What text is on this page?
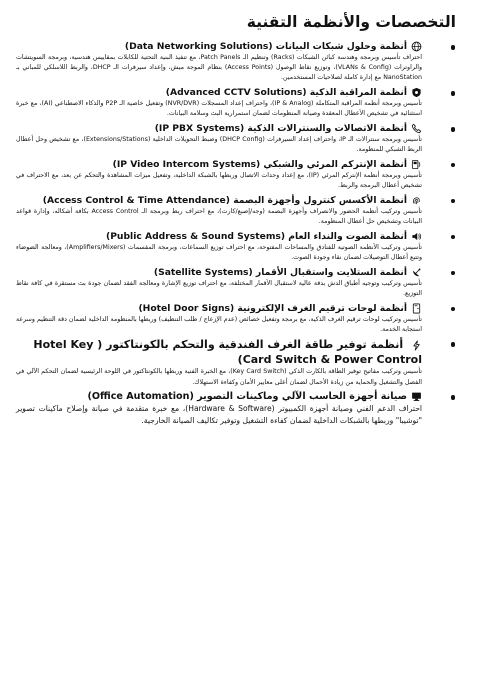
التخصصات والأنظمة التقنية
أنظمة وحلول شبكات البيانات (Data Networking Solutions)

احتراف تأسيس وبرمجة وهندسة كبائن الشبكات (Racks) وتنظيم الـ Patch Panels، مع تنفيذ البنية التحتية للكابلات بمقاييس هندسية، وبرمجة السويتشات والراوترات (VLANs & Config)، وتوزيع نقاط الوصول (Access Points) بنظام الموجة ميش، وإعداد سيرفرات الـ DHCP، والربط اللاسلكي للمباني بـ NanoStation مع إدارة كاملة لصلاحيات المستخدمين.

أنظمة المراقبة الذكية (Advanced CCTV Solutions)

تأسيس وبرمجة أنظمة المراقبة المتكاملة (IP & Analog)، واحتراف إعداد المسجلات (NVR/DVR) وتفعيل خاصية الـ P2P والذكاء الاصطناعي (AI)، مع خبرة استثنائية في تشخيص الأعطال المعقدة وصيانة المنظومات لضمان استمرارية البث وسلامة البيانات.

أنظمة الاتصالات والسنترالات الذكية (IP PBX Systems)

تأسيس وبرمجة سنترالات الـ IP، واحتراف إعداد السيرفرات (DHCP Config) وضبط التحويلات الداخلية (Extensions/Stations)، مع تشخيص وحل أعطال الربط الشبكي للمنظومة.

أنظمة الإنتركم المرئي والشبكي (IP Video Intercom Systems)

تأسيس وبرمجة أنظمة الإنتركم المرئي (IP)، مع إعداد وحدات الاتصال وربطها بالشبكة الداخلية، وتفعيل ميزات المشاهدة والتحكم عن بعد، مع الاحتراف في تشخيص أعطال البرمجة والربط.

أنظمة الأكسس كنترول وأجهزة البصمة (Access Control & Time Attendance)

تأسيس وتركيب أنظمة الحضور والانصراف وأجهزة البصمة (وجه/إصبع/كارت)، مع احتراف ربط وبرمجة الـ Access Control بكافة أشكاله، وإدارة قواعد البيانات وتشخيص حل أعطال المنظومة.

أنظمة الصوت والنداء العام (Public Address & Sound Systems)

تأسيس وتركيب الأنظمة الصوتية للفنادق والمساحات المفتوحة، مع احتراف توزيع السماعات، وبرمجة المقسمات (Amplifiers/Mixers)، ومعالجة الضوضاء وتتبع أعطال التوصيلات لضمان نقاء وجودة الصوت.

أنظمة الستلايت واستقبال الأقمار (Satellite Systems)

تأسيس وتركيب وتوجيه أطباق الدش بدقة عالية لاستقبال الأقمار المختلفة، مع احتراف توزيع الإشارة ومعالجة الفقد لضمان جودة بث مستقرة في كافة نقاط التوزيع.

أنظمة لوحات ترقيم الغرف الإلكترونية (Hotel Door Signs)

تأسيس وتركيب لوحات ترقيم الغرف الذكية، مع برمجة وتفعيل خصائص (عدم الإزعاج / طلب التنظيف) وربطها بالمنظومة الداخلية لضمان دقة التنظيم وسرعة استجابة الخدمة.

أنظمة توفير طاقة الغرف الفندقية والتحكم بالكونتاكتور ( Hotel Key Card Switch & Power Control)

تأسيس وتركيب مفاتيح توفير الطاقة بالكارت الذكي (Key Card Switch)، مع الخبرة الفنية وربطها بالكونتاكتور في اللوحة الرئيسية لضمان التحكم الآلي في الفصل والتشغيل والحماية من زيادة الأحمال لضمان أعلى معايير الأمان وكفاءة الاستهلاك.

صيانة أجهزة الحاسب الآلي وماكينات التصوير (Office Automation)

احتراف الدعم الفني وصيانة أجهزة الكمبيوتر (Hardware & Software)، مع خبرة متقدمة في صيانة وإصلاح ماكينات تصوير "توشيبا" وربطها بالشبكات الداخلية لضمان كفاءة التشغيل وتوفير تكاليف الصيانة الخارجية.
